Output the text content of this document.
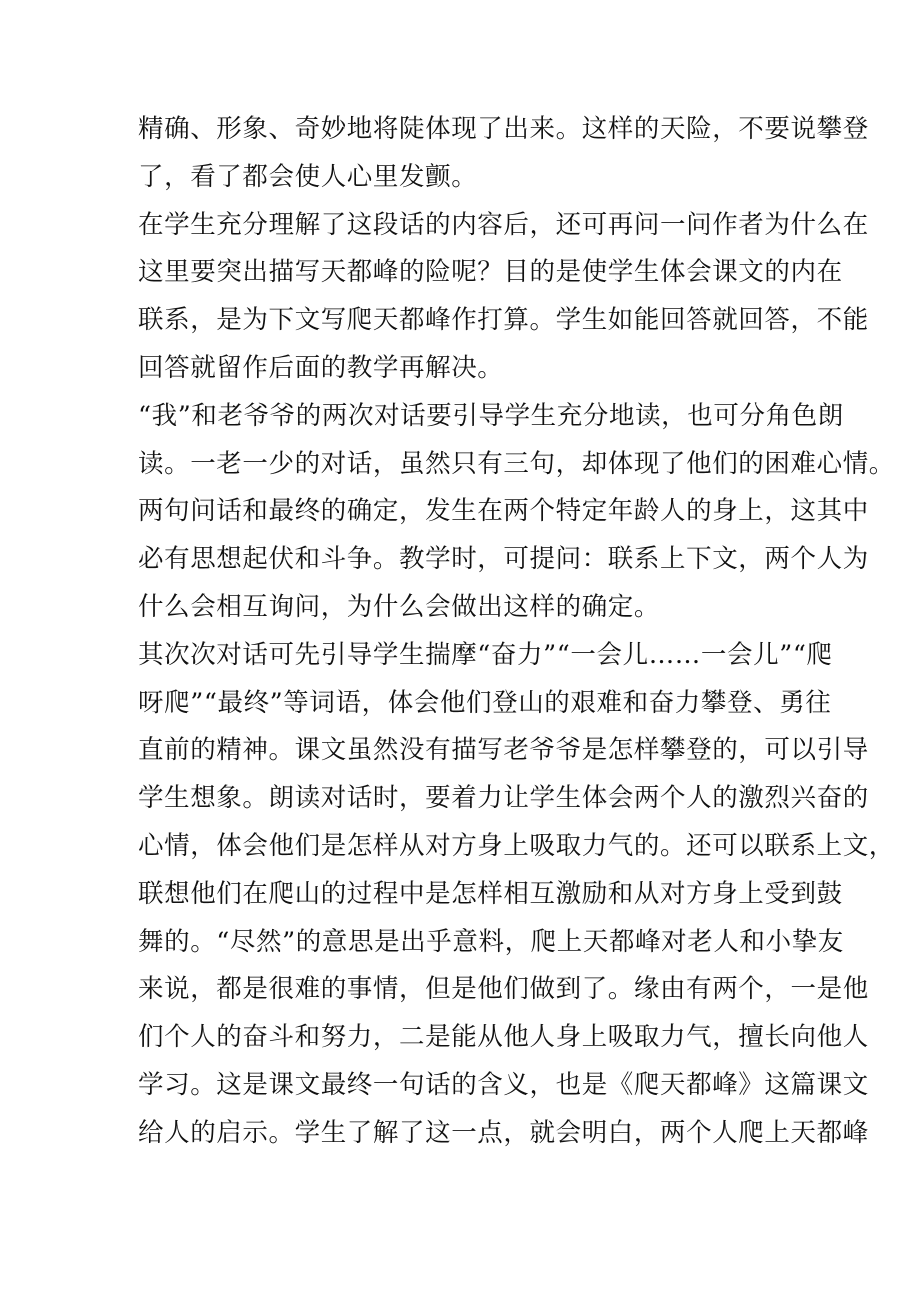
精确、形象、奇妙地将陡体现了出来。这样的天险，不要说攀登
了，看了都会使人心里发颤。
在学生充分理解了这段话的内容后，还可再问一问作者为什么在
这里要突出描写天都峰的险呢？目的是使学生体会课文的内在
联系，是为下文写爬天都峰作打算。学生如能回答就回答，不能
回答就留作后面的教学再解决。
“我”和老爷爷的两次对话要引导学生充分地读，也可分角色朗
读。一老一少的对话，虽然只有三句，却体现了他们的困难心情。
两句问话和最终的确定，发生在两个特定年龄人的身上，这其中
必有思想起伏和斗争。教学时，可提问：联系上下文，两个人为
什么会相互询问，为什么会做出这样的确定。
其次次对话可先引导学生揣摩“奋力”“一会儿……一会儿”“爬
呀爬”“最终”等词语，体会他们登山的艰难和奋力攀登、勇往
直前的精神。课文虽然没有描写老爷爷是怎样攀登的，可以引导
学生想象。朗读对话时，要着力让学生体会两个人的激烈兴奋的
心情，体会他们是怎样从对方身上吸取力气的。还可以联系上文，
联想他们在爬山的过程中是怎样相互激励和从对方身上受到鼓
舞的。“尽然”的意思是出乎意料，爬上天都峰对老人和小挚友
来说，都是很难的事情，但是他们做到了。缘由有两个，一是他
们个人的奋斗和努力，二是能从他人身上吸取力气，擅长向他人
学习。这是课文最终一句话的含义，也是《爬天都峰》这篇课文
给人的启示。学生了解了这一点，就会明白，两个人爬上天都峰
